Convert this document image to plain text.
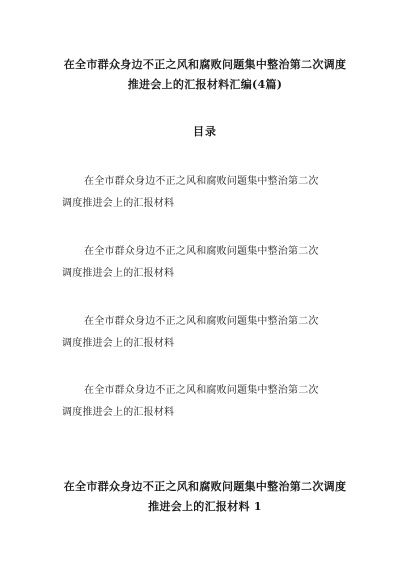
在全市群众身边不正之风和腐败问题集中整治第二次调度
推进会上的汇报材料汇编(4篇)
目录
在全市群众身边不正之风和腐败问题集中整治第二次
调度推进会上的汇报材料
在全市群众身边不正之风和腐败问题集中整治第二次
调度推进会上的汇报材料
在全市群众身边不正之风和腐败问题集中整治第二次
调度推进会上的汇报材料
在全市群众身边不正之风和腐败问题集中整治第二次
调度推进会上的汇报材料
在全市群众身边不正之风和腐败问题集中整治第二次调度
推进会上的汇报材料 1
